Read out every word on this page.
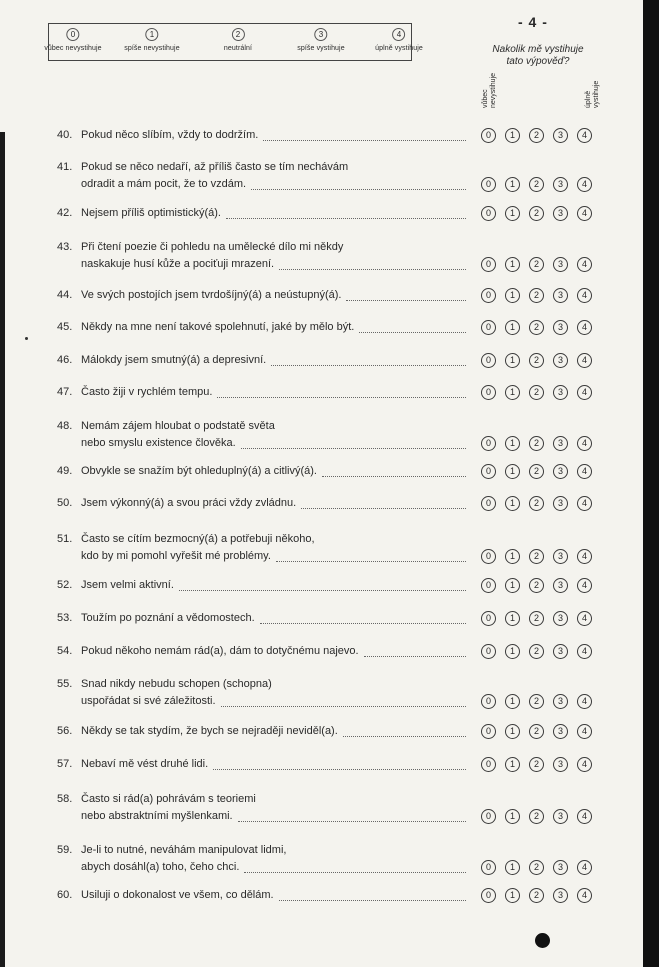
0
vůbec nevystihuje
1
spíše nevystihuje
2
neutrální
3
spíše vystihuje
4
úplně vystihuje
- 4 -
Nakolik mě vystihuje
tato výpověď?
vůbec nevystihuje	úplně vystihuje
40. Pokud něco slíbím, vždy to dodržím.	0	1	2	3	4
41. Pokud se něco nedaří, až příliš často se tím nechávám
odradit a mám pocit, že to vzdám.	0	1	2	3	4
42. Nejsem příliš optimistický(á).	0	1	2	3	4
43. Při čtení poezie či pohledu na umělecké dílo mi někdy
naskakuje husí kůže a pociťuji mrazení.	0	1	2	3	4
44. Ve svých postojích jsem tvrdošíjný(á) a neústupný(á).	0	1	2	3	4
45. Někdy na mne není takové spolehnutí, jaké by mělo být.	0	1	2	3	4
46. Málokdy jsem smutný(á) a depresivní.	0	1	2	3	4
47. Často žiji v rychlém tempu.	0	1	2	3	4
48. Nemám zájem hloubat o podstatě světa
nebo smyslu existence člověka.	0	1	2	3	4
49. Obvykle se snažím být ohleduplný(á) a citlivý(á).	0	1	2	3	4
50. Jsem výkonný(á) a svou práci vždy zvládnu.	0	1	2	3	4
51. Často se cítím bezmocný(á) a potřebuji někoho,
kdo by mi pomohl vyřešit mé problémy.	0	1	2	3	4
52. Jsem velmi aktivní.	0	1	2	3	4
53. Toužím po poznání a vědomostech.	0	1	2	3	4
54. Pokud někoho nemám rád(a), dám to dotyčnému najevo.	0	1	2	3	4
55. Snad nikdy nebudu schopen (schopna)
uspořádat si své záležitosti.	0	1	2	3	4
56. Někdy se tak stydím, že bych se nejraději neviděl(a).	0	1	2	3	4
57. Nebaví mě vést druhé lidi.	0	1	2	3	4
58. Často si rád(a) pohrávám s teoriemi
nebo abstraktními myšlenkami.	0	1	2	3	4
59. Je-li to nutné, neváhám manipulovat lidmi,
abych dosáhl(a) toho, čeho chci.	0	1	2	3	4
60. Usiluji o dokonalost ve všem, co dělám.	0	1	2	3	4
